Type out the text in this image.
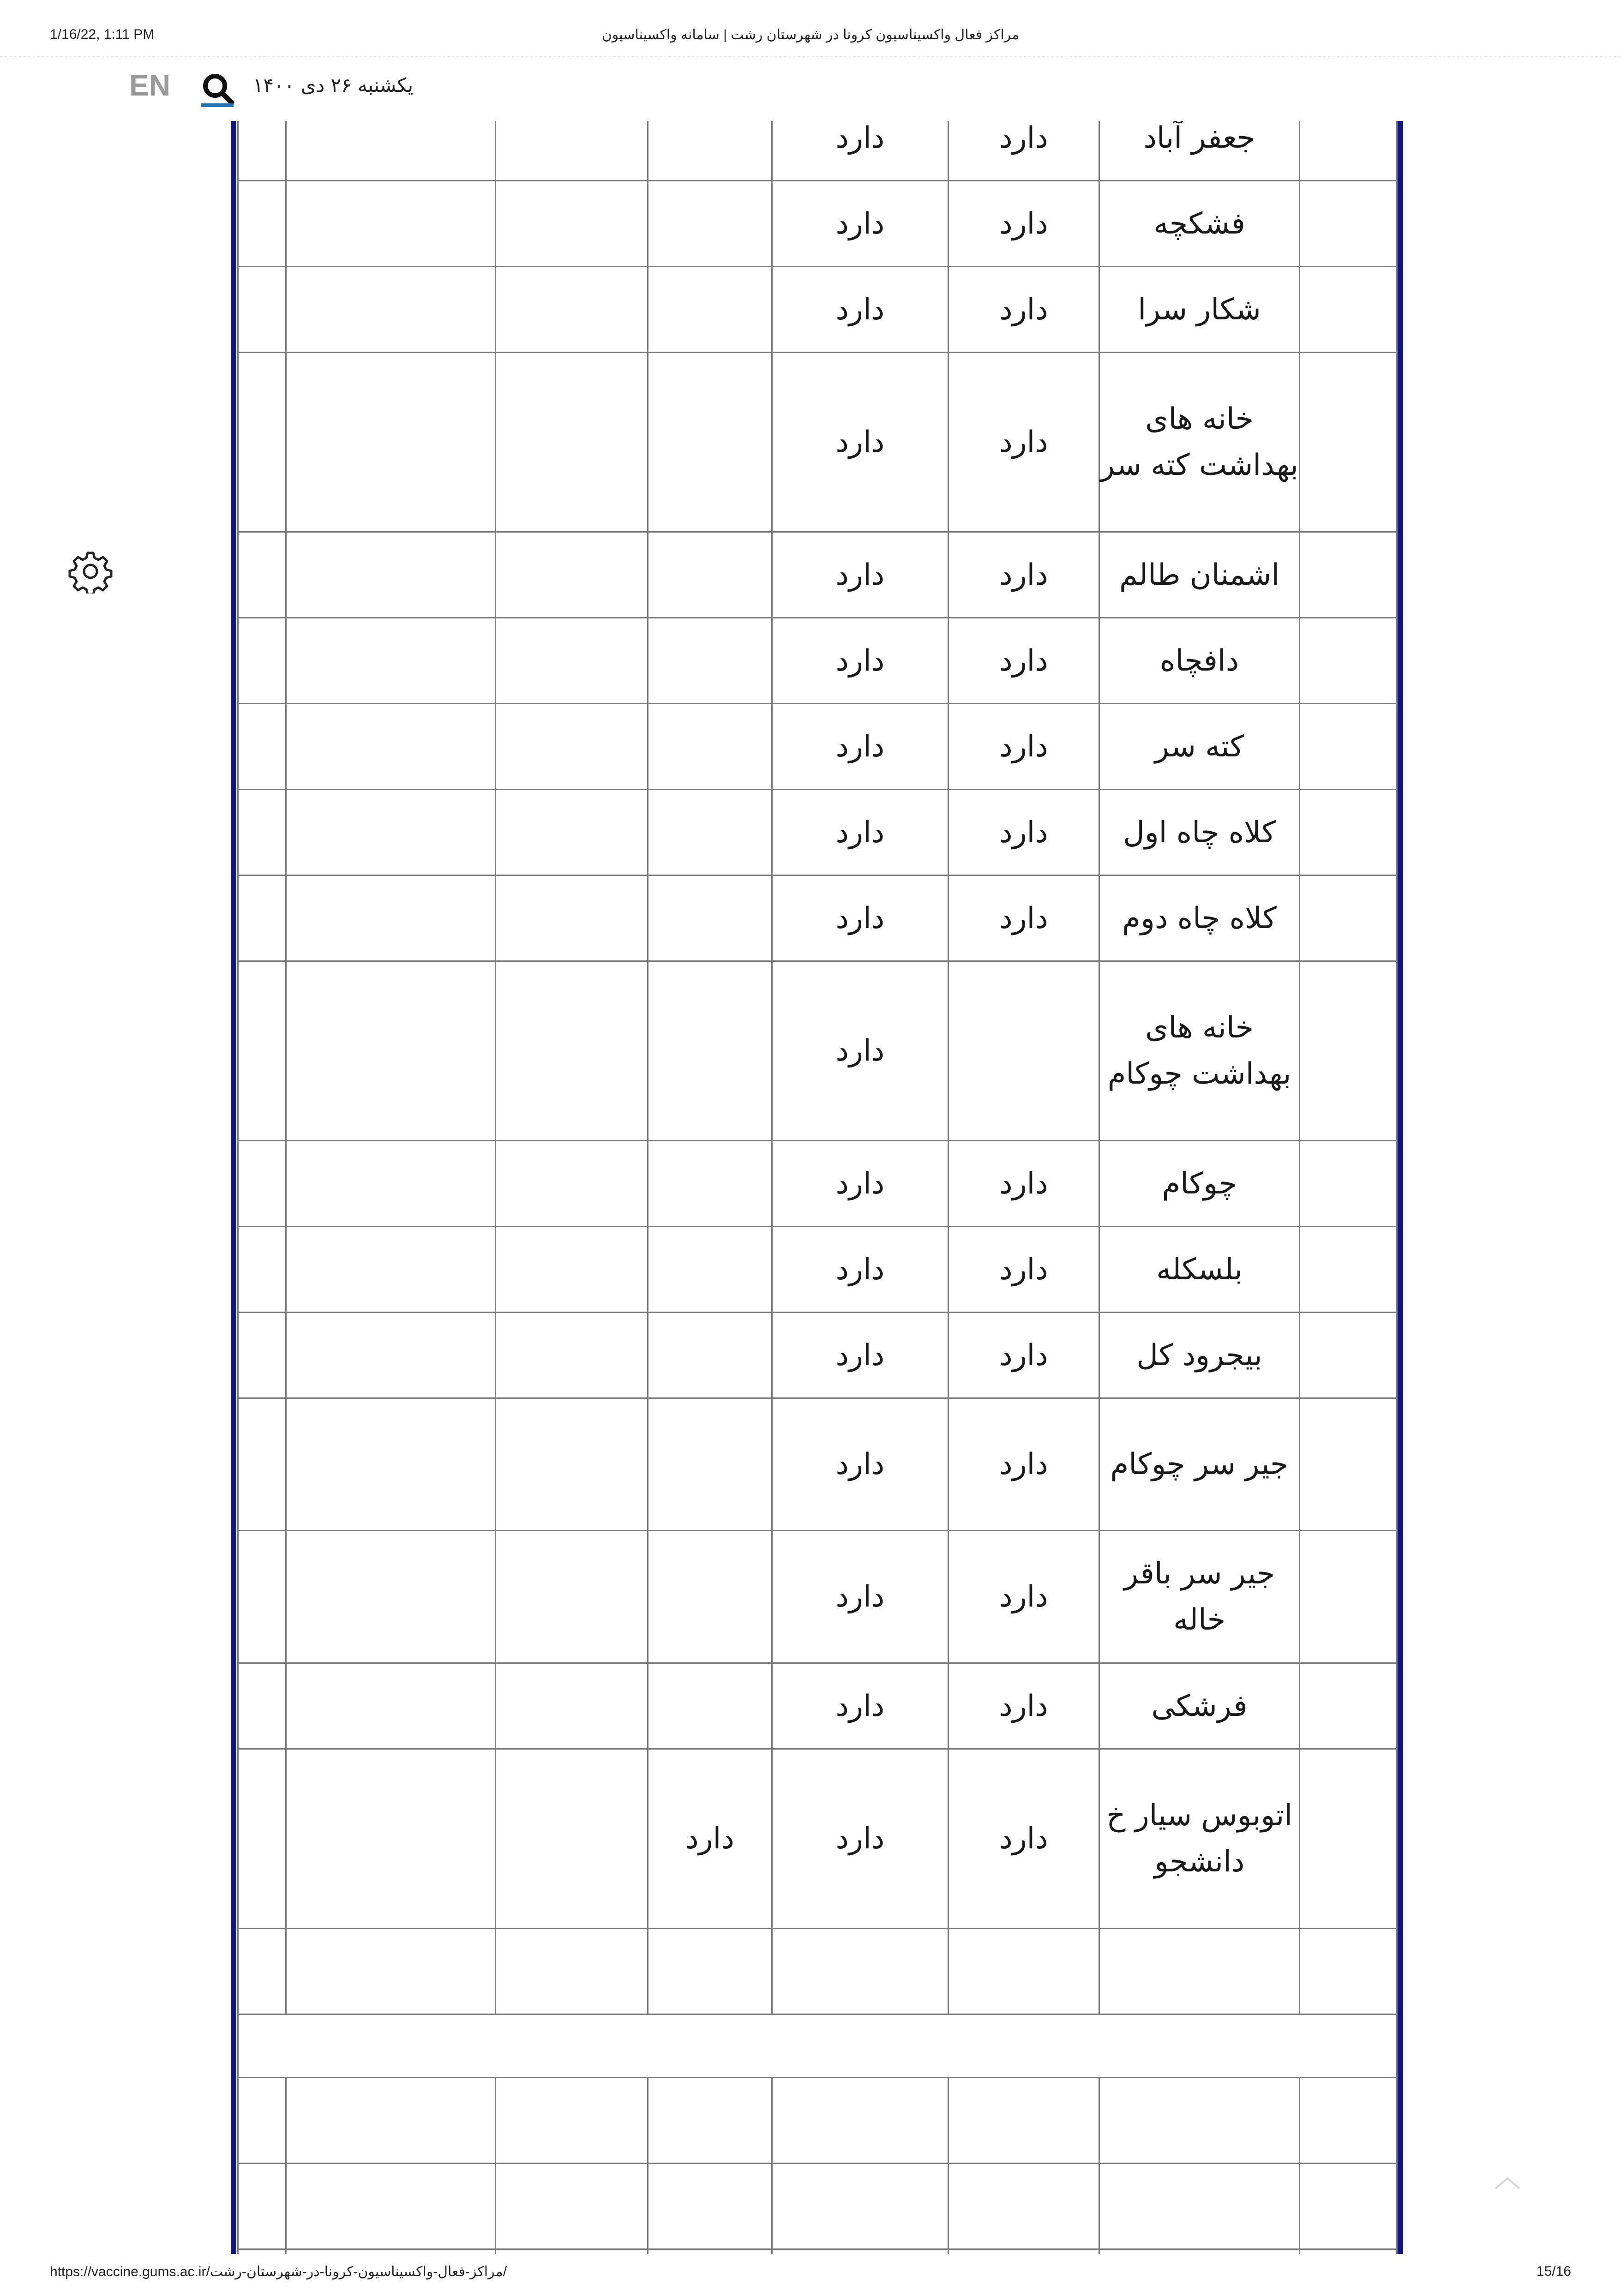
1/16/22, 1:11 PM	مراکز فعال واکسیناسیون کرونا در شهرستان رشت | سامانه واکسیناسیون
EN	یکشنبه ۲۶ دی ۱۴۰۰
				دارد	دارد	جعفر آباد	
				دارد	دارد	فشکچه	
				دارد	دارد	شکار سرا	
				دارد	دارد	خانه های بهداشت کته سر	
				دارد	دارد	اشمنان طالم	
				دارد	دارد	دافچاه	
				دارد	دارد	کته سر	
				دارد	دارد	کلاه چاه اول	
				دارد	دارد	کلاه چاه دوم	
				دارد		خانه های بهداشت چوکام	
				دارد	دارد	چوکام	
				دارد	دارد	بلسکله	
				دارد	دارد	بیجرود کل	
				دارد	دارد	جیر سر چوکام	
				دارد	دارد	جیر سر باقر خاله	
				دارد	دارد	فرشکی	
			دارد	دارد	دارد	اتوبوس سیار خ دانشجو	

https://vaccine.gums.ac.ir/مراکز-فعال-واکسیناسیون-کرونا-در-شهرستان-رشت/	15/16
